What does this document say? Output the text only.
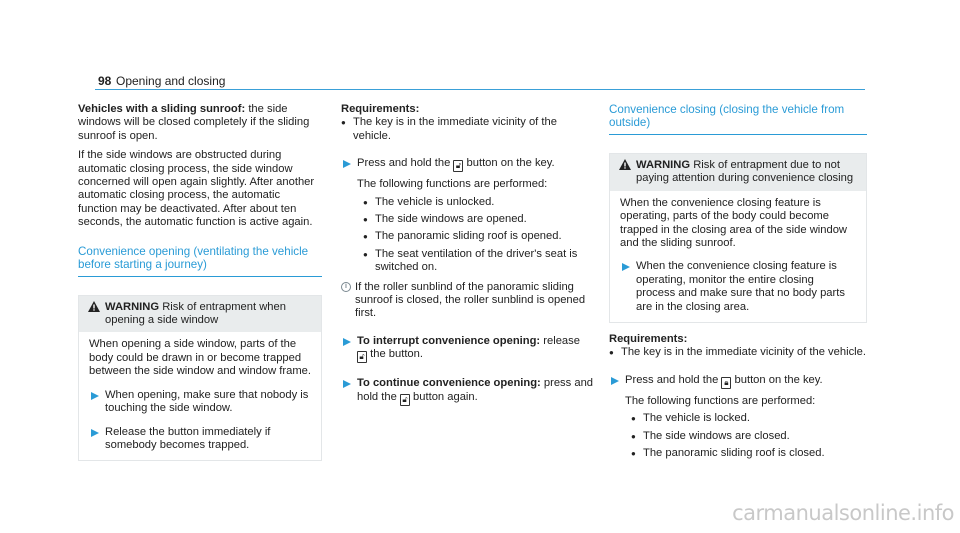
98 Opening and closing

Vehicles with a sliding sunroof: the side windows will be closed completely if the sliding sunroof is open.

If the side windows are obstructed during automatic closing process, the side window concerned will open again slightly. After another automatic closing process, the automatic function may be deactivated. After about ten seconds, the automatic function is active again.

Convenience opening (ventilating the vehicle before starting a journey)
WARNING Risk of entrapment when opening a side window

When opening a side window, parts of the body could be drawn in or become trapped between the side window and window frame.

When opening, make sure that nobody is touching the side window.
Release the button immediately if somebody becomes trapped.
Requirements:
● The key is in the immediate vicinity of the vehicle.
Press and hold the 🔓︎ button on the key.

The following functions are performed:

● The vehicle is unlocked.
● The side windows are opened.
● The panoramic sliding roof is opened.
● The seat ventilation of the driver's seat is switched on.
i If the roller sunblind of the panoramic sliding sunroof is closed, the roller sunblind is opened first.
To interrupt convenience opening: release
🔓︎ the button.
To continue convenience opening: press and hold the 🔓︎ button again.
Convenience closing (closing the vehicle from outside)
WARNING Risk of entrapment due to not paying attention during convenience closing

When the convenience closing feature is operating, parts of the body could become trapped in the closing area of the side window and the sliding sunroof.

When the convenience closing feature is operating, monitor the entire closing process and make sure that no body parts are in the closing area.
Requirements:
● The key is in the immediate vicinity of the vehicle.
Press and hold the 🔒︎ button on the key.

The following functions are performed:

● The vehicle is locked.
● The side windows are closed.
● The panoramic sliding roof is closed.
carmanualsonline.info
